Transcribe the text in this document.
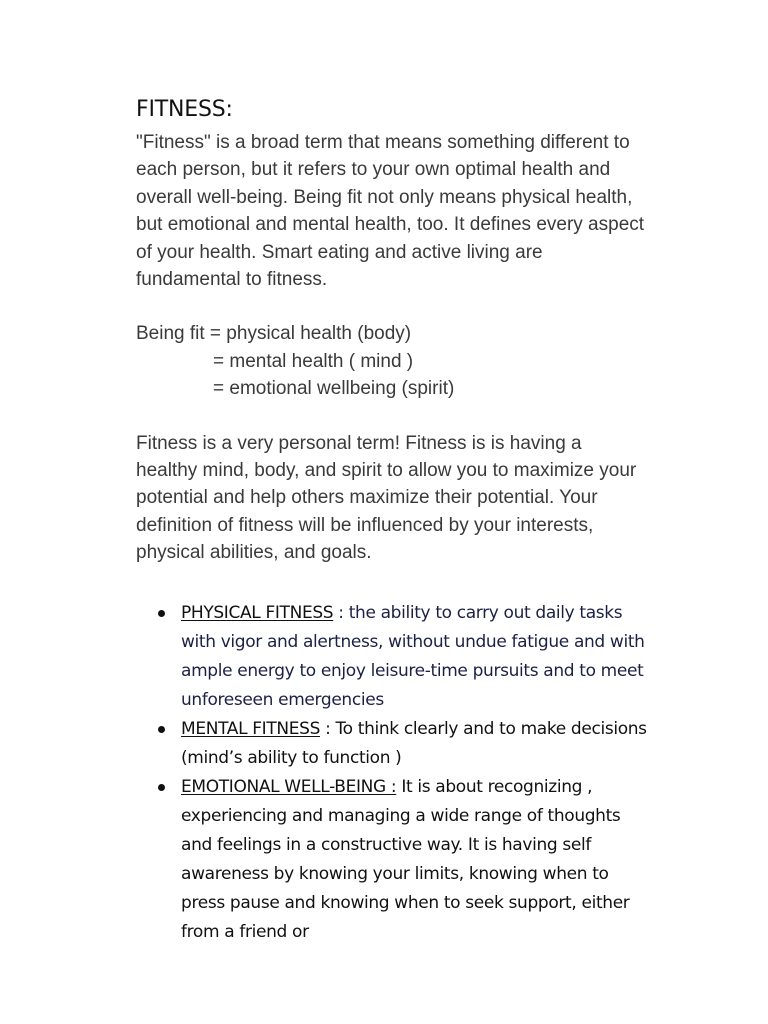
FITNESS:

"Fitness" is a broad term that means something different to
each person, but it refers to your own optimal health and
overall well-being. Being fit not only means physical health,
but emotional and mental health, too. It defines every aspect
of your health. Smart eating and active living are
fundamental to fitness.

Being fit = physical health (body)
= mental health ( mind )
= emotional wellbeing (spirit)

Fitness is a very personal term! Fitness is is having a
healthy mind, body, and spirit to allow you to maximize your
potential and help others maximize their potential. Your
definition of fitness will be influenced by your interests,
physical abilities, and goals.

PHYSICAL FITNESS : the ability to carry out daily tasks with vigor and alertness, without undue fatigue and with ample energy to enjoy leisure-time pursuits and to meet unforeseen emergencies
MENTAL FITNESS : To think clearly and to make decisions (mind’s ability to function )
EMOTIONAL WELL-BEING : It is about recognizing , experiencing and managing a wide range of thoughts and feelings in a constructive way. It is having self awareness by knowing your limits, knowing when to press pause and knowing when to seek support, either from a friend or
